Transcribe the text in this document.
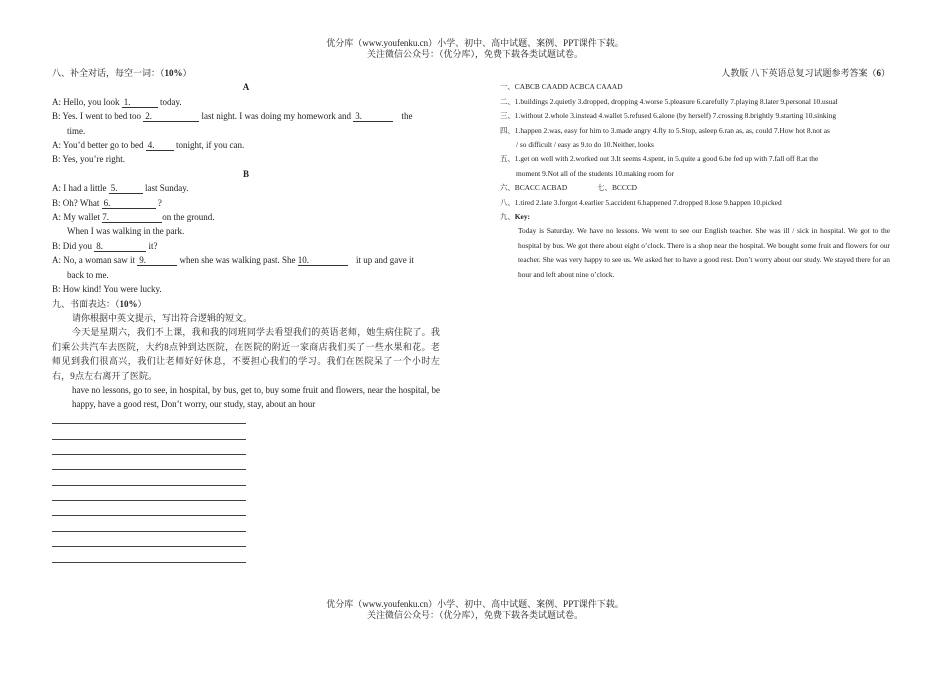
优分库（www.youfenku.cn）小学、初中、高中试题、案例、PPT课件下载。
关注微信公众号：（优分库），免费下载各类试题试卷。
八、补全对话，每空一词：（10%）
A
A: Hello, you look 1.	today.
B: Yes. I went to bed too 2.	last night. I was doing my homework and 3.	the
time.
A: You’d better go to bed 4. tonight, if you can.
B: Yes, you’re right.
B
A: I had a little 5.	last Sunday.
B: Oh? What 6.	?
A: My wallet 7.	on the ground.
When I was walking in the park.
B: Did you 8.	it?
A: No, a woman saw it 9.	when she was walking past. She 10.	it up and gave it
back to me.
B: How kind! You were lucky.
九、书面表达：（10%）
请你根据中英文提示，写出符合逻辑的短文。
今天是星期六，我们不上课，我和我的同班同学去看望我们的英语老师，她生病住院了。我们乘公共汽车去医院，大约8点钟到达医院，在医院的附近一家商店我们买了一些水果和花。老师见到我们很高兴，我们让老师好好休息，不要担心我们的学习。我们在医院呆了一个小时左右，9点左右离开了医院。
have no lessons, go to see, in hospital, by bus, get to, buy some fruit and flowers, near the hospital, be happy, have a good rest, Don’t worry, our study, stay, about an hour
人教版 八下英语总复习试题参考答案（6）
一、CABCB CAADD ACBCA CAAAD
二、1.buildings 2.quietly 3.dropped, dropping 4.worse 5.pleasure 6.carefully 7.playing 8.later 9.personal 10.usual
三、1.without 2.whole 3.instead 4.wallet 5.refused 6.alone (by herself) 7.crossing 8.brightly 9.starting 10.sinking
四、1.happen 2.was, easy for him to 3.made angry 4.fly to 5.Stop, asleep 6.ran as, as, could 7.How hot 8.not as
/ so difficult / easy as 9.to do 10.Neither, looks
五、1.get on well with 2.worked out 3.It seems 4.spent, in 5.quite a good 6.be fed up with 7.fall off 8.at the
moment 9.Not all of the students 10.making room for
六、BCACC ACBAD	七、BCCCD
八、1.tired 2.late 3.forgot 4.earlier 5.accident 6.happened 7.dropped 8.lose 9.happen 10.picked
九、Key:
Today is Saturday. We have no lessons. We went to see our English teacher. She was ill / sick in hospital. We got to the hospital by bus. We got there about eight o’clock. There is a shop near the hospital. We bought some fruit and flowers for our teacher. She was very happy to see us. We asked her to have a good rest. Don’t worry about our study. We stayed there for an hour and left about nine o’clock.
优分库（www.youfenku.cn）小学、初中、高中试题、案例、PPT课件下载。
关注微信公众号：（优分库），免费下载各类试题试卷。
